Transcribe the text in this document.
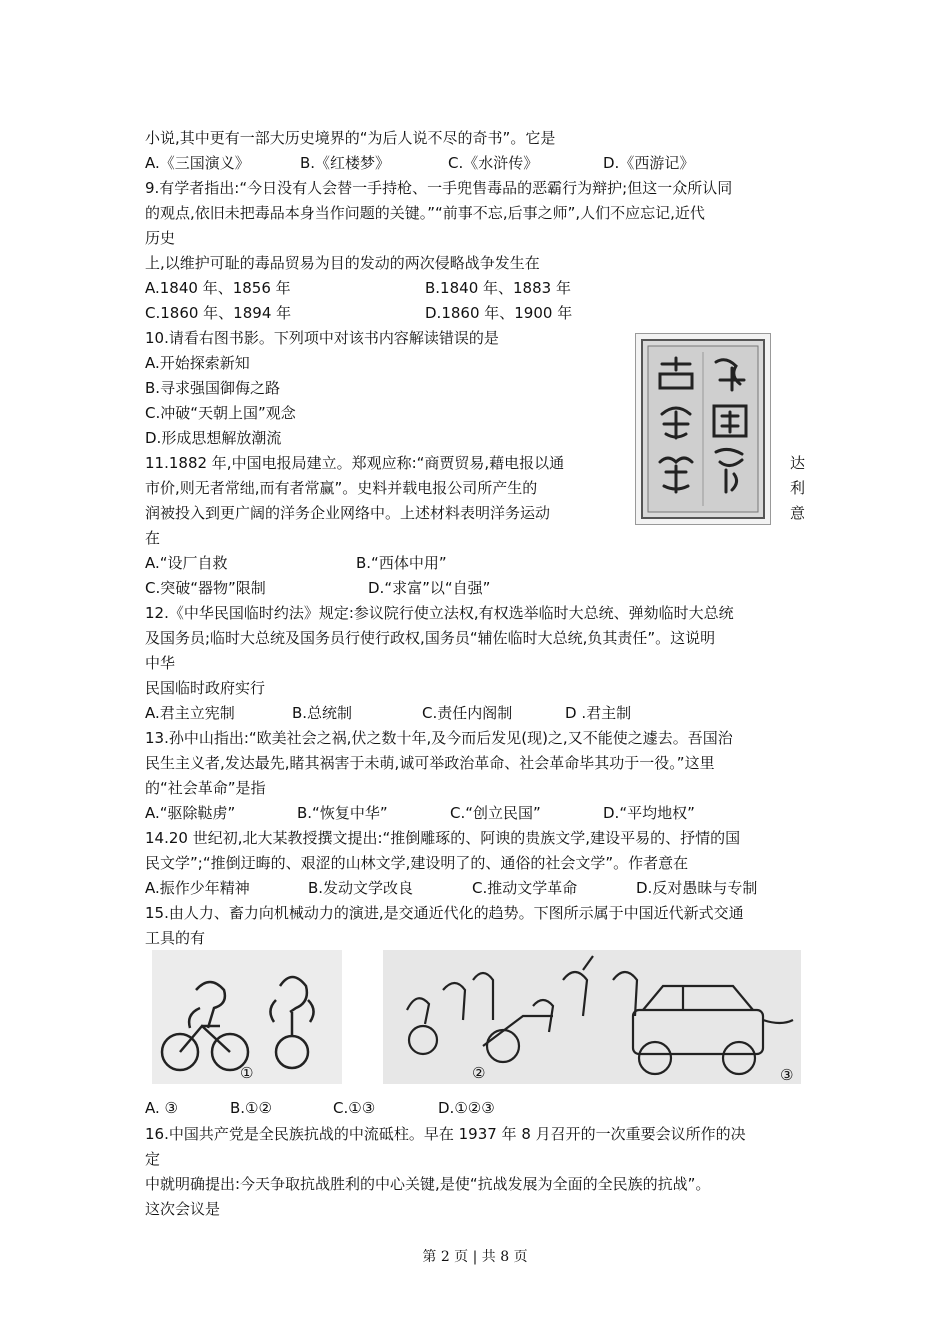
小说,其中更有一部大历史境界的“为后人说不尽的奇书”。它是
A.《三国演义》	B.《红楼梦》	C.《水浒传》	D.《西游记》
9.有学者指出:“今日没有人会替一手持枪、一手兜售毒品的恶霸行为辩护;但这一众所认同
的观点,依旧未把毒品本身当作问题的关键。”“前事不忘,后事之师”,人们不应忘记,近代
历史
上,以维护可耻的毒品贸易为目的发动的两次侵略战争发生在
A.1840 年、1856 年	B.1840 年、1883 年
C.1860 年、1894 年	D.1860 年、1900 年
10.请看右图书影。下列项中对该书内容解读错误的是
A.开始探索新知
B.寻求强国御侮之路
C.冲破“天朝上国”观念
D.形成思想解放潮流
11.1882 年,中国电报局建立。郑观应称:“商贾贸易,藉电报以通	达
市价,则无者常绌,而有者常赢”。史料并载电报公司所产生的	利
润被投入到更广阔的洋务企业网络中。上述材料表明洋务运动	意
在
A.“设厂自救	B.“西体中用”
C.突破“器物”限制	D.“求富”以“自强”
12.《中华民国临时约法》规定:参议院行使立法权,有权选举临时大总统、弹劾临时大总统
及国务员;临时大总统及国务员行使行政权,国务员“辅佐临时大总统,负其责任”。这说明
中华
民国临时政府实行
A.君主立宪制	B.总统制	C.责任内阁制	D .君主制
13.孙中山指出:“欧美社会之祸,伏之数十年,及今而后发见(现)之,又不能使之遽去。吾国治
民生主义者,发达最先,睹其祸害于未萌,诚可举政治革命、社会革命毕其功于一役。”这里
的“社会革命”是指
A.“驱除鞑虏”	B.“恢复中华”	C.“创立民国”	D.“平均地权”
14.20 世纪初,北大某教授撰文提出:“推倒雕琢的、阿谀的贵族文学,建设平易的、抒情的国
民文学”;“推倒迂晦的、艰涩的山林文学,建设明了的、通俗的社会文学”。作者意在
A.振作少年精神	B.发动文学改良	C.推动文学革命	D.反对愚昧与专制
15.由人力、畜力向机械动力的演进,是交通近代化的趋势。下图所示属于中国近代新式交通
工具的有
①	②	③
A. ③	B.①②	C.①③	D.①②③
16.中国共产党是全民族抗战的中流砥柱。早在 1937 年 8 月召开的一次重要会议所作的决
定
中就明确提出:今天争取抗战胜利的中心关键,是使“抗战发展为全面的全民族的抗战”。
这次会议是
第 2 页 | 共 8 页
